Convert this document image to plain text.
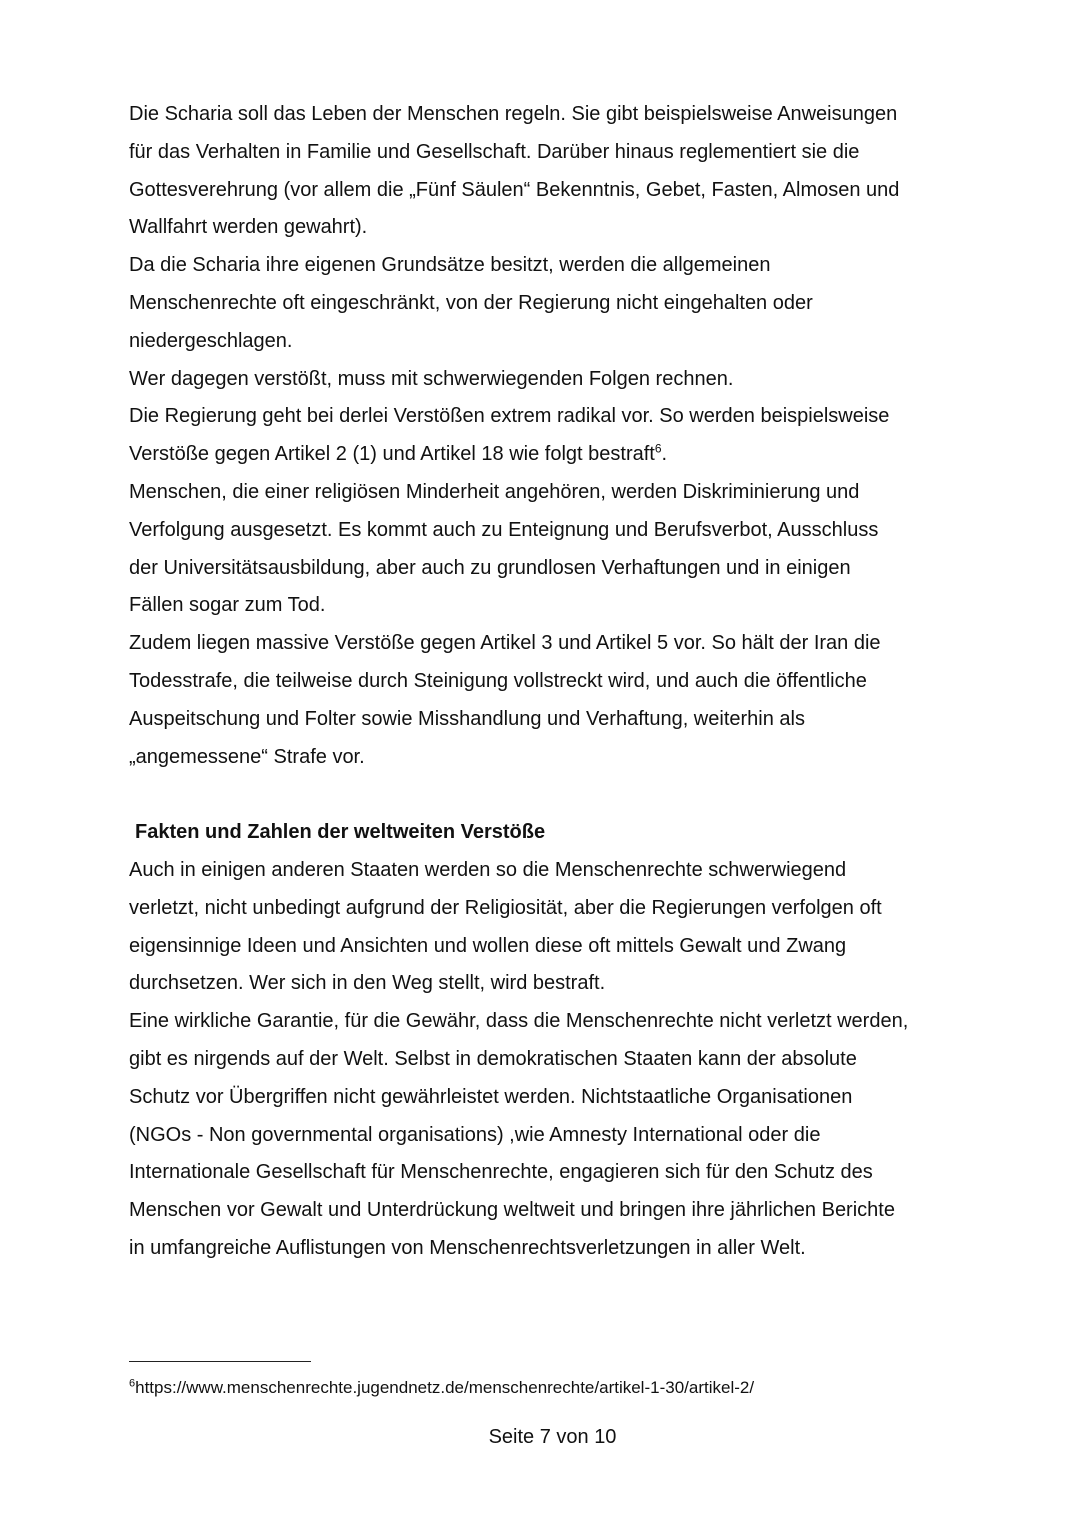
Die Scharia soll das Leben der Menschen regeln. Sie gibt beispielsweise Anweisungen

für das Verhalten in Familie und Gesellschaft. Darüber hinaus reglementiert sie die

Gottesverehrung (vor allem die „Fünf Säulen“ Bekenntnis, Gebet, Fasten, Almosen und

Wallfahrt werden gewahrt).

Da die Scharia ihre eigenen Grundsätze besitzt, werden die allgemeinen

Menschenrechte oft eingeschränkt, von der Regierung nicht eingehalten oder

niedergeschlagen.

Wer dagegen verstößt, muss mit schwerwiegenden Folgen rechnen.

Die Regierung geht bei derlei Verstößen extrem radikal vor. So werden beispielsweise

Verstöße gegen Artikel 2 (1) und Artikel 18 wie folgt bestraft$^6$.

Menschen, die einer religiösen Minderheit angehören, werden Diskriminierung und

Verfolgung ausgesetzt. Es kommt auch zu Enteignung und Berufsverbot, Ausschluss

der Universitätsausbildung, aber auch zu grundlosen Verhaftungen und in einigen

Fällen sogar zum Tod.

Zudem liegen massive Verstöße gegen Artikel 3 und Artikel 5 vor. So hält der Iran die

Todesstrafe, die teilweise durch Steinigung vollstreckt wird, und auch die öffentliche

Auspeitschung und Folter sowie Misshandlung und Verhaftung, weiterhin als

„angemessene“ Strafe vor.

Fakten und Zahlen der weltweiten Verstöße

Auch in einigen anderen Staaten werden so die Menschenrechte schwerwiegend

verletzt, nicht unbedingt aufgrund der Religiosität, aber die Regierungen verfolgen oft

eigensinnige Ideen und Ansichten und wollen diese oft mittels Gewalt und Zwang

durchsetzen. Wer sich in den Weg stellt, wird bestraft.

Eine wirkliche Garantie, für die Gewähr, dass die Menschenrechte nicht verletzt werden,

gibt es nirgends auf der Welt. Selbst in demokratischen Staaten kann der absolute

Schutz vor Übergriffen nicht gewährleistet werden. Nichtstaatliche Organisationen

(NGOs - Non governmental organisations) ,wie Amnesty International oder die

Internationale Gesellschaft für Menschenrechte, engagieren sich für den Schutz des

Menschen vor Gewalt und Unterdrückung weltweit und bringen ihre jährlichen Berichte

in umfangreiche Auflistungen von Menschenrechtsverletzungen in aller Welt.

$^6$https://www.menschenrechte.jugendnetz.de/menschenrechte/artikel-1-30/artikel-2/
Seite 7 von 10
